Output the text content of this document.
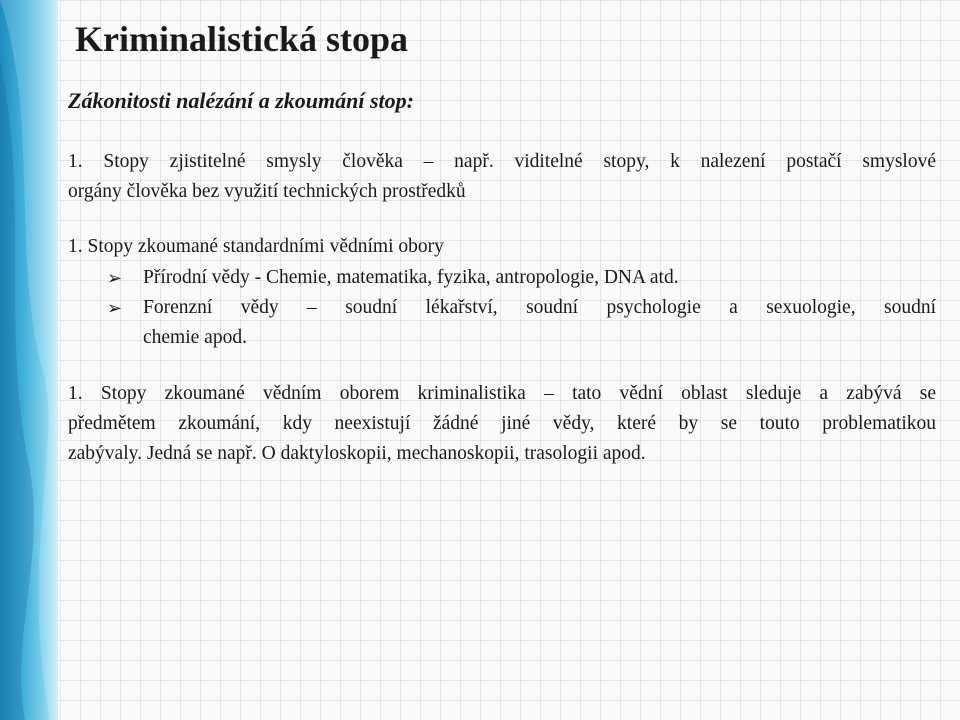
Kriminalistická stopa

Zákonitosti nalézání a zkoumání stop:

1. Stopy zjistitelné smysly člověka – např. viditelné stopy, k nalezení postačí smyslové

orgány člověka bez využití technických prostředků

1. Stopy zkoumané standardními vědními obory

➢	Přírodní vědy - Chemie, matematika, fyzika, antropologie, DNA atd.
➢	Forenzní vědy – soudní lékařství, soudní psychologie a sexuologie, soudní
chemie apod.

1. Stopy zkoumané vědním oborem kriminalistika – tato vědní oblast sleduje a zabývá se

předmětem zkoumání, kdy neexistují žádné jiné vědy, které by se touto problematikou

zabývaly. Jedná se např. O daktyloskopii, mechanoskopii, trasologii apod.
